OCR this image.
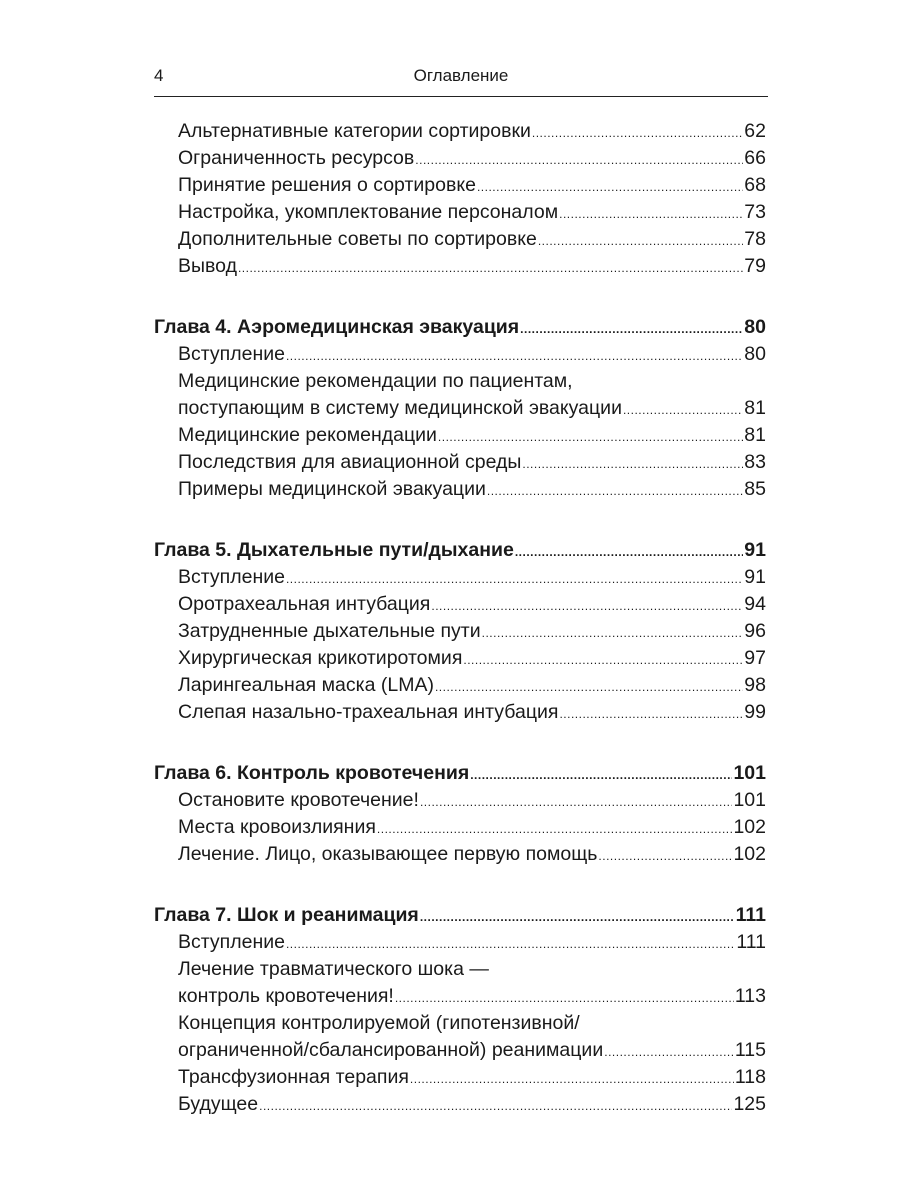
4	Оглавление
Альтернативные категории сортировки .....	62
Ограниченность ресурсов .....	66
Принятие решения о сортировке .....	68
Настройка, укомплектование персоналом .....	73
Дополнительные советы по сортировке .....	78
Вывод .....	79
Глава 4. Аэромедицинская эвакуация .....	80
Вступление .....	80
Медицинские рекомендации по пациентам,
поступающим в систему медицинской эвакуации .....	81
Медицинские рекомендации .....	81
Последствия для авиационной среды .....	83
Примеры медицинской эвакуации .....	85
Глава 5. Дыхательные пути/дыхание .....	91
Вступление .....	91
Оротрахеальная интубация .....	94
Затрудненные дыхательные пути .....	96
Хирургическая крикотиротомия .....	97
Ларингеальная маска (LMA) .....	98
Слепая назально-трахеальная интубация .....	99
Глава 6. Контроль кровотечения .....	101
Остановите кровотечение! .....	101
Места кровоизлияния .....	102
Лечение. Лицо, оказывающее первую помощь .....	102
Глава 7. Шок и реанимация .....	111
Вступление .....	111
Лечение травматического шока —
контроль кровотечения! .....	113
Концепция контролируемой (гипотензивной/
ограниченной/сбалансированной) реанимации .....	115
Трансфузионная терапия .....	118
Будущее .....	125
